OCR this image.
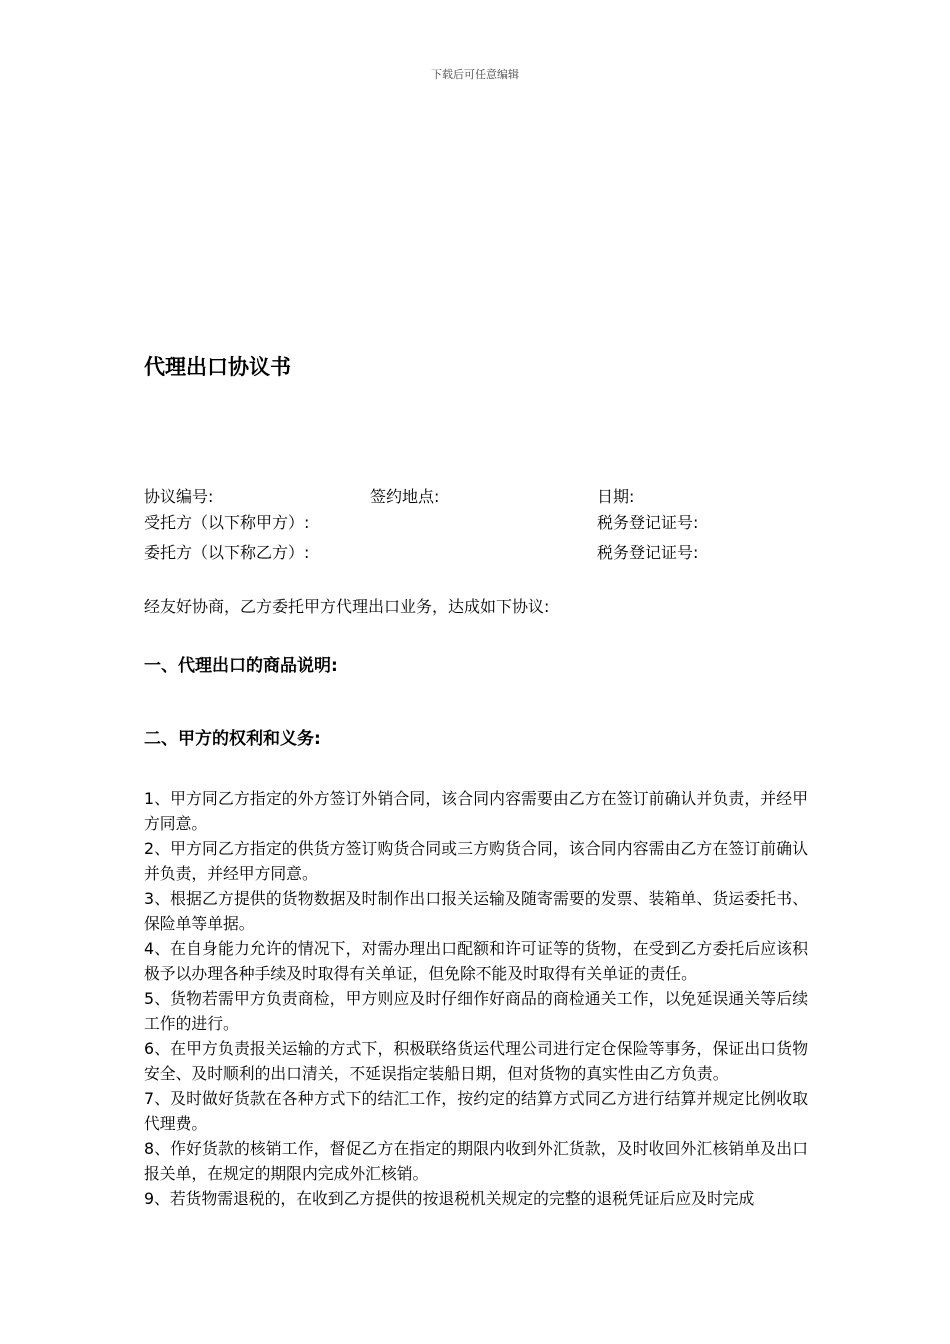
下载后可任意编辑
代理出口协议书
协议编号:	签约地点:	日期:
受托方（以下称甲方）:	税务登记证号:
委托方（以下称乙方）:	税务登记证号:

经友好协商，乙方委托甲方代理出口业务，达成如下协议:

一、代理出口的商品说明:
二、甲方的权利和义务:
1、甲方同乙方指定的外方签订外销合同，该合同内容需要由乙方在签订前确认并负责，并经甲方同意。
2、甲方同乙方指定的供货方签订购货合同或三方购货合同，该合同内容需由乙方在签订前确认并负责，并经甲方同意。
3、根据乙方提供的货物数据及时制作出口报关运输及随寄需要的发票、装箱单、货运委托书、保险单等单据。
4、在自身能力允许的情况下，对需办理出口配额和许可证等的货物，在受到乙方委托后应该积极予以办理各种手续及时取得有关单证，但免除不能及时取得有关单证的责任。
5、货物若需甲方负责商检，甲方则应及时仔细作好商品的商检通关工作，以免延误通关等后续工作的进行。
6、在甲方负责报关运输的方式下，积极联络货运代理公司进行定仓保险等事务，保证出口货物安全、及时顺利的出口清关，不延误指定装船日期，但对货物的真实性由乙方负责。
7、及时做好货款在各种方式下的结汇工作，按约定的结算方式同乙方进行结算并规定比例收取代理费。
8、作好货款的核销工作，督促乙方在指定的期限内收到外汇货款，及时收回外汇核销单及出口报关单，在规定的期限内完成外汇核销。
9、若货物需退税的，在收到乙方提供的按退税机关规定的完整的退税凭证后应及时完成
